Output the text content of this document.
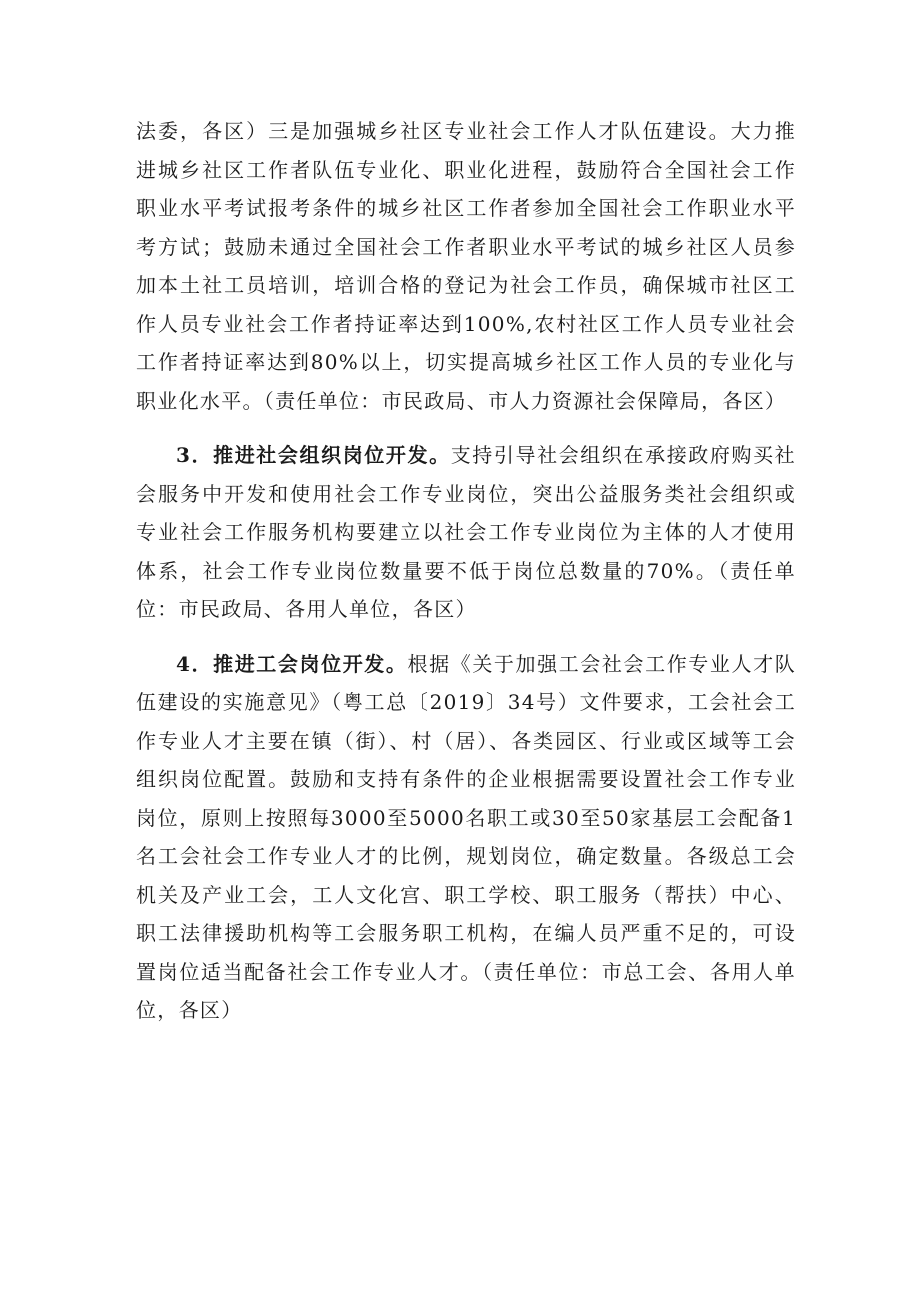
法委，各区）三是加强城乡社区专业社会工作人才队伍建设。大力推进城乡社区工作者队伍专业化、职业化进程，鼓励符合全国社会工作职业水平考试报考条件的城乡社区工作者参加全国社会工作职业水平考方试；鼓励未通过全国社会工作者职业水平考试的城乡社区人员参加本土社工员培训，培训合格的登记为社会工作员，确保城市社区工作人员专业社会工作者持证率达到100%,农村社区工作人员专业社会工作者持证率达到80%以上，切实提高城乡社区工作人员的专业化与职业化水平。（责任单位：市民政局、市人力资源社会保障局，各区）

3．推进社会组织岗位开发。支持引导社会组织在承接政府购买社会服务中开发和使用社会工作专业岗位，突出公益服务类社会组织或专业社会工作服务机构要建立以社会工作专业岗位为主体的人才使用体系，社会工作专业岗位数量要不低于岗位总数量的70%。（责任单位：市民政局、各用人单位，各区）

4．推进工会岗位开发。根据《关于加强工会社会工作专业人才队伍建设的实施意见》（粤工总〔2019〕34号）文件要求，工会社会工作专业人才主要在镇（街）、村（居）、各类园区、行业或区域等工会组织岗位配置。鼓励和支持有条件的企业根据需要设置社会工作专业岗位，原则上按照每3000至5000名职工或30至50家基层工会配备1名工会社会工作专业人才的比例，规划岗位，确定数量。各级总工会机关及产业工会，工人文化宫、职工学校、职工服务（帮扶）中心、职工法律援助机构等工会服务职工机构，在编人员严重不足的，可设置岗位适当配备社会工作专业人才。（责任单位：市总工会、各用人单位，各区）
